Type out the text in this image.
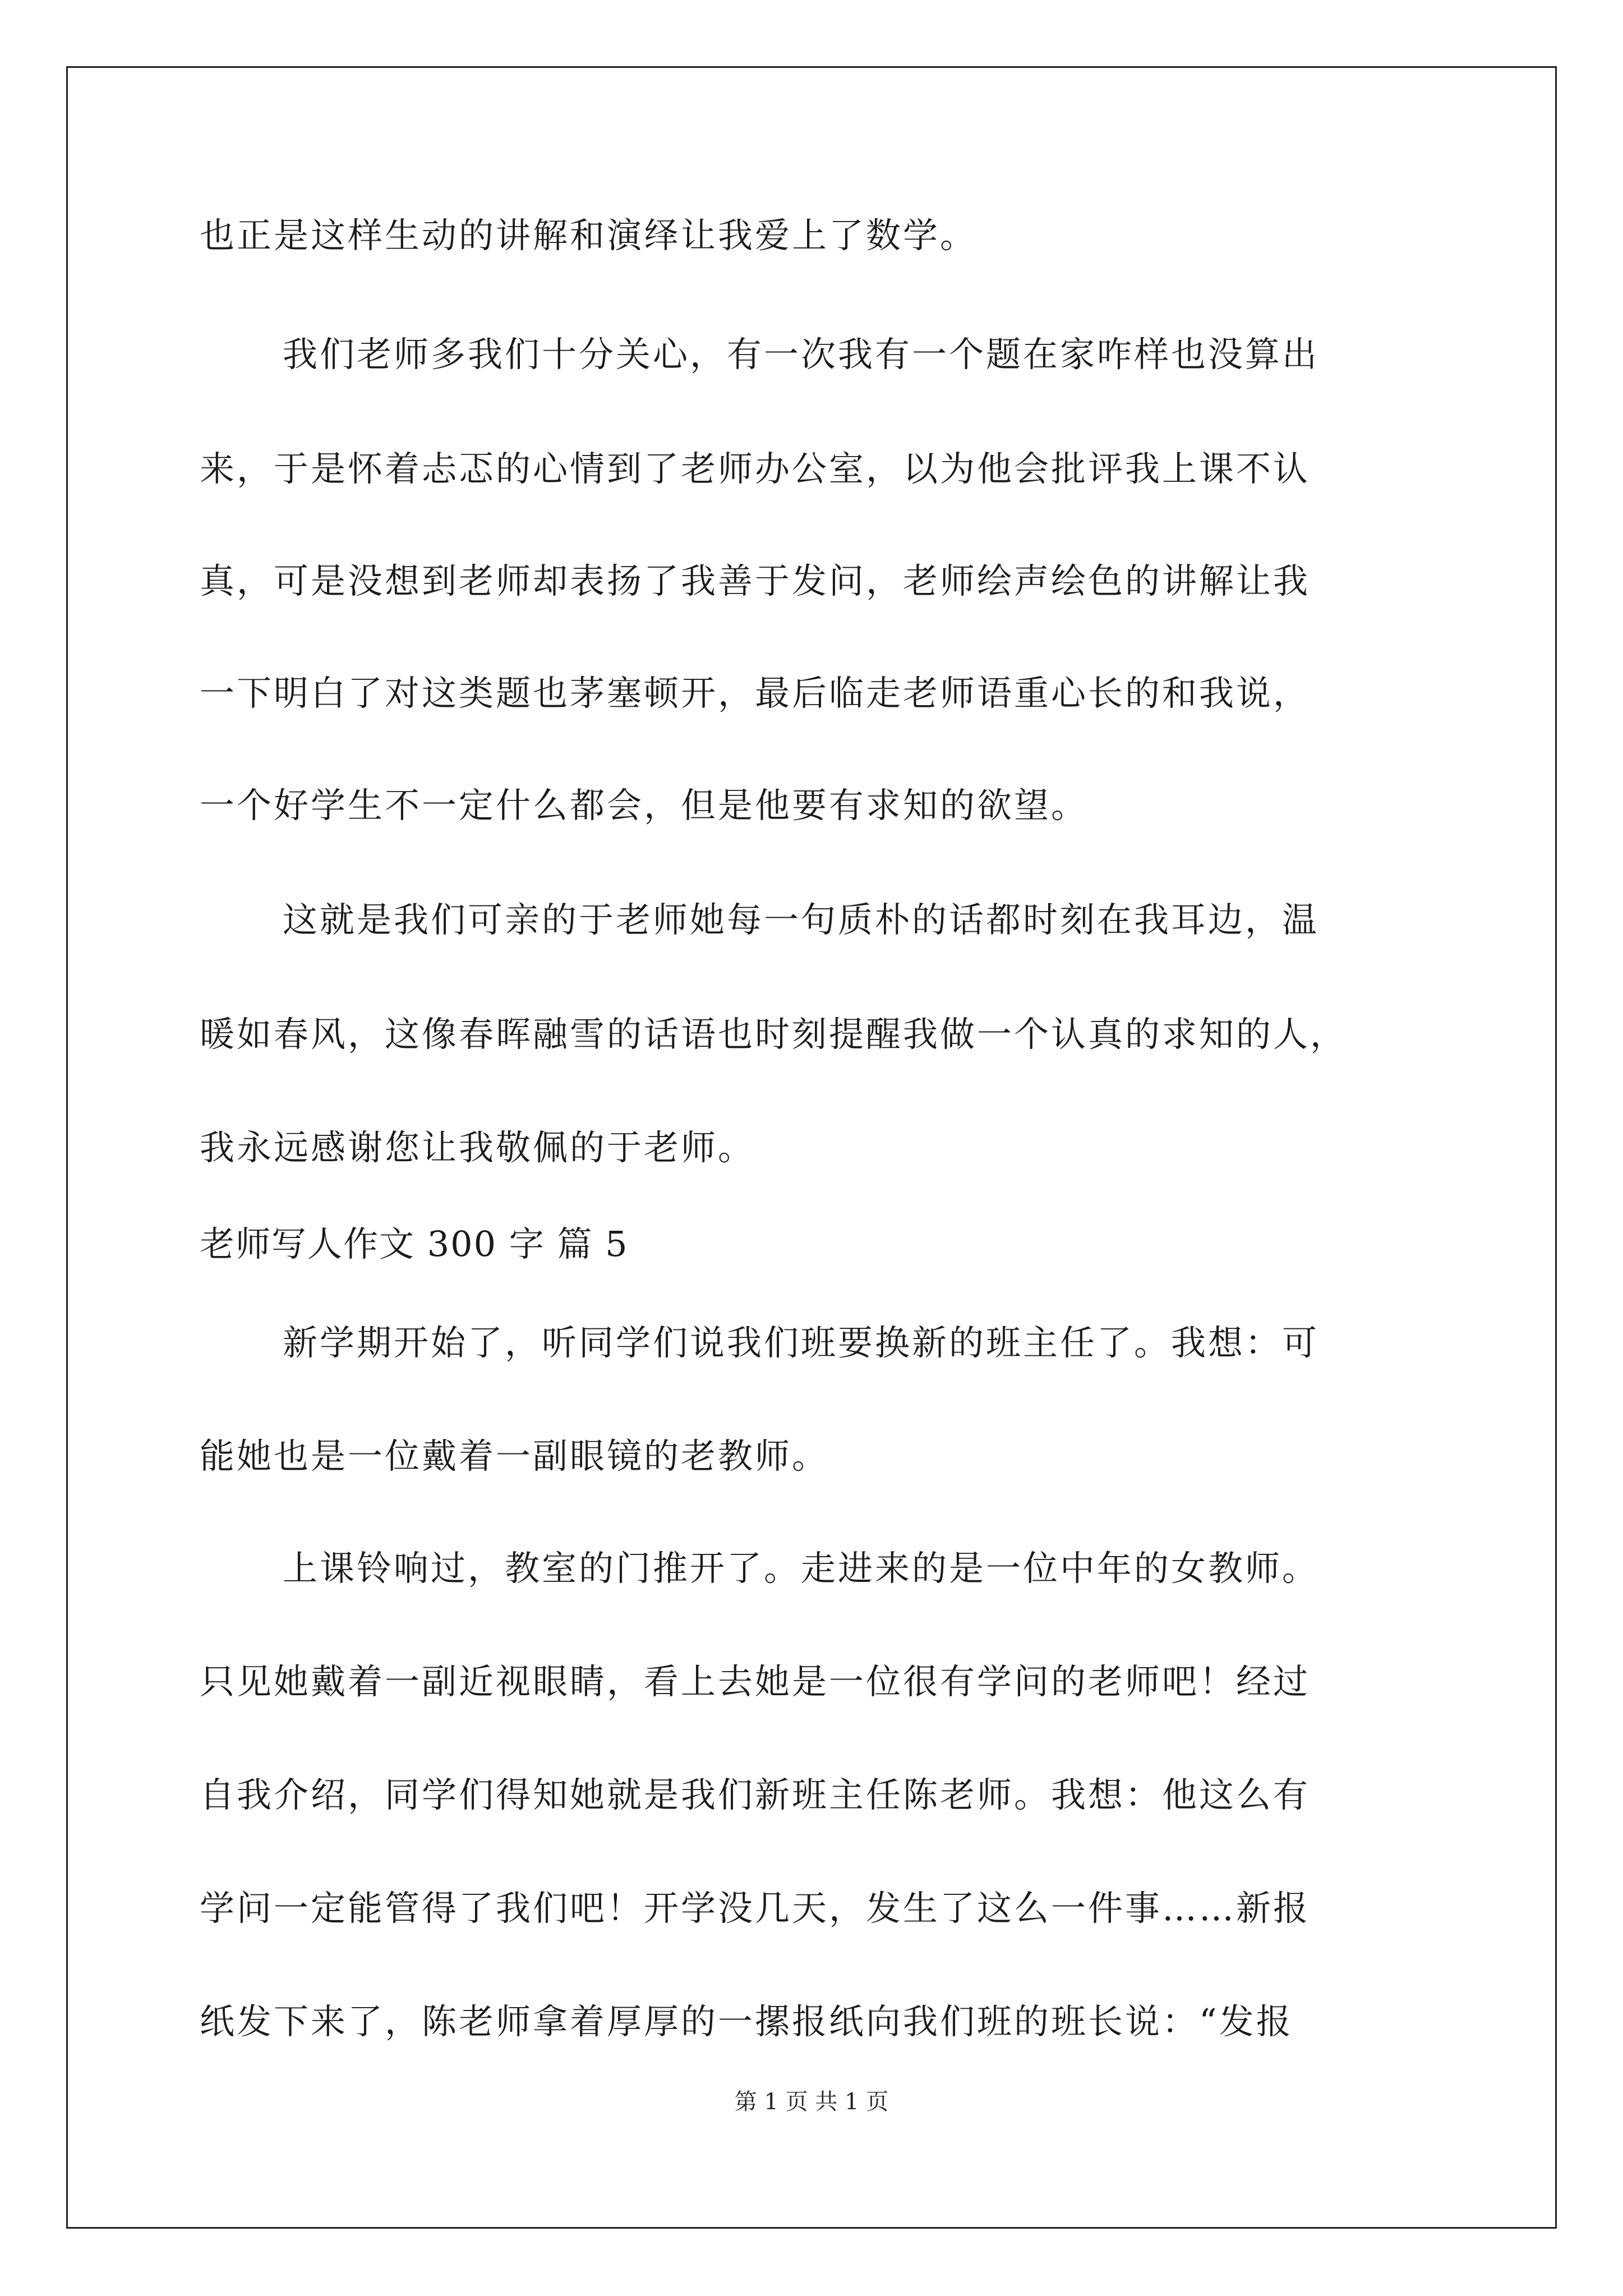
也正是这样生动的讲解和演绎让我爱上了数学。
我们老师多我们十分关心，有一次我有一个题在家咋样也没算出
来，于是怀着忐忑的心情到了老师办公室，以为他会批评我上课不认
真，可是没想到老师却表扬了我善于发问，老师绘声绘色的讲解让我
一下明白了对这类题也茅塞顿开，最后临走老师语重心长的和我说，
一个好学生不一定什么都会，但是他要有求知的欲望。
这就是我们可亲的于老师她每一句质朴的话都时刻在我耳边，温
暖如春风，这像春晖融雪的话语也时刻提醒我做一个认真的求知的人，
我永远感谢您让我敬佩的于老师。
老师写人作文 300 字 篇 5
新学期开始了，听同学们说我们班要换新的班主任了。我想：可
能她也是一位戴着一副眼镜的老教师。
上课铃响过，教室的门推开了。走进来的是一位中年的女教师。
只见她戴着一副近视眼睛，看上去她是一位很有学问的老师吧！经过
自我介绍，同学们得知她就是我们新班主任陈老师。我想：他这么有
学问一定能管得了我们吧！开学没几天，发生了这么一件事……新报
纸发下来了，陈老师拿着厚厚的一摞报纸向我们班的班长说：“发报
第 1 页 共 1 页
